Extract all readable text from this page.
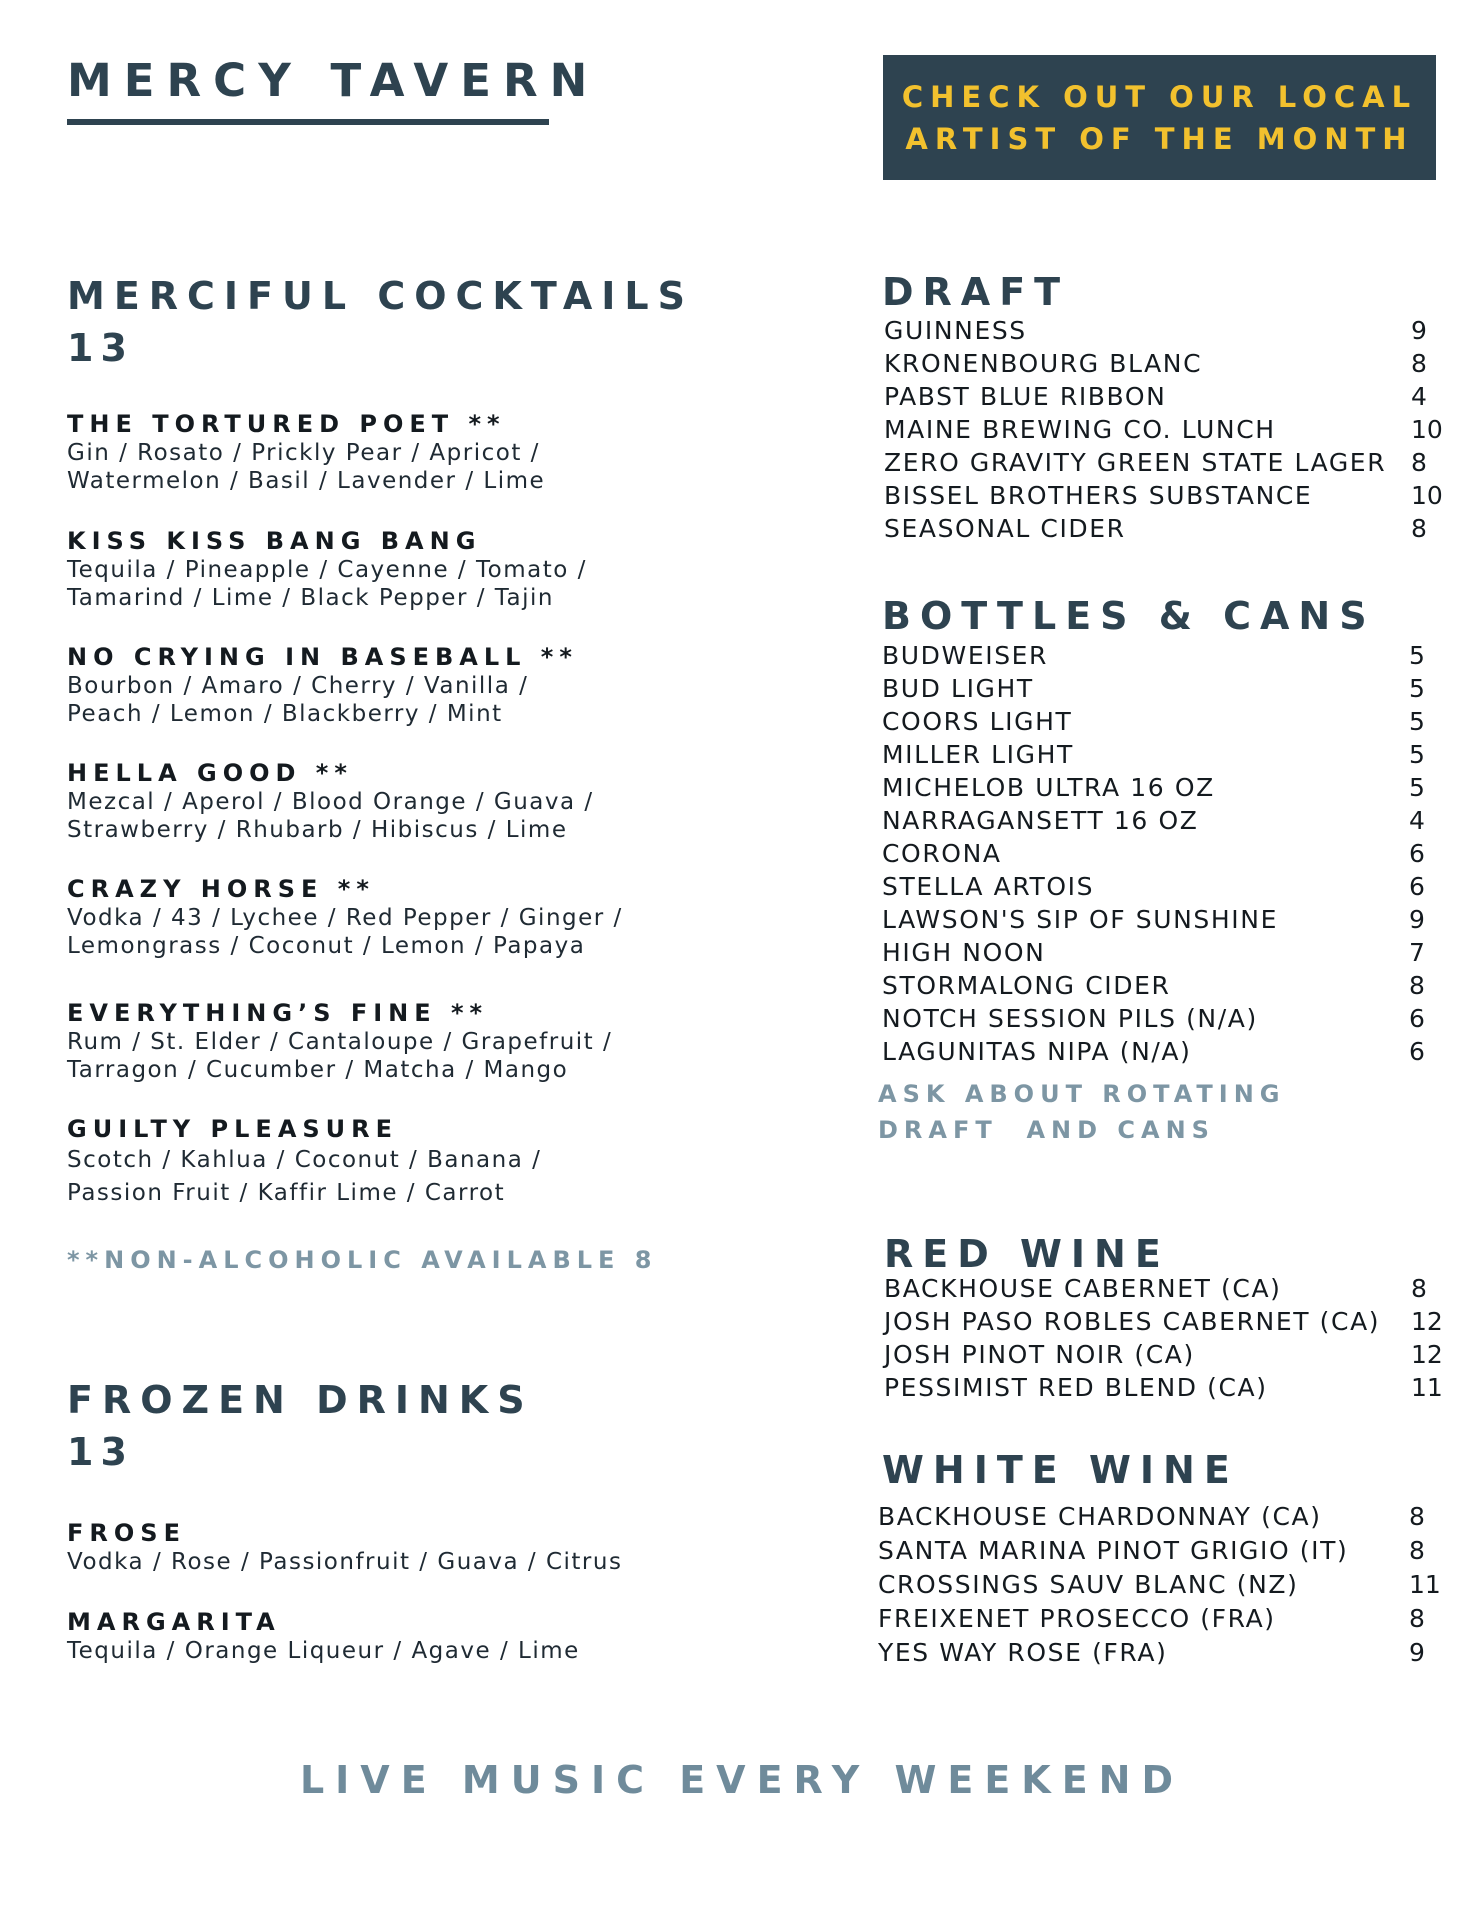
MERCY TAVERN	CHECK OUT OUR LOCAL
ARTIST OF THE MONTH
MERCIFUL COCKTAILS
13
THE TORTURED POET **
Gin / Rosato / Prickly Pear / Apricot /
Watermelon / Basil / Lavender / Lime
KISS KISS BANG BANG
Tequila / Pineapple / Cayenne / Tomato /
Tamarind / Lime / Black Pepper / Tajin
NO CRYING IN BASEBALL **
Bourbon / Amaro / Cherry / Vanilla /
Peach / Lemon / Blackberry / Mint
HELLA GOOD **
Mezcal / Aperol / Blood Orange / Guava /
Strawberry / Rhubarb / Hibiscus / Lime
CRAZY HORSE **
Vodka / 43 / Lychee / Red Pepper / Ginger /
Lemongrass / Coconut / Lemon / Papaya
EVERYTHING’S FINE **
Rum / St. Elder / Cantaloupe / Grapefruit /
Tarragon / Cucumber / Matcha / Mango
GUILTY PLEASURE
Scotch / Kahlua / Coconut / Banana /
Passion Fruit / Kaffir Lime / Carrot
**NON-ALCOHOLIC AVAILABLE 8
FROZEN DRINKS
13
FROSE
Vodka / Rose / Passionfruit / Guava / Citrus
MARGARITA
Tequila / Orange Liqueur / Agave / Lime
DRAFT
GUINNESS	9
KRONENBOURG BLANC	8
PABST BLUE RIBBON	4
MAINE BREWING CO. LUNCH	10
ZERO GRAVITY GREEN STATE LAGER 8
BISSEL BROTHERS SUBSTANCE	10
SEASONAL CIDER	8
BOTTLES & CANS
BUDWEISER	5
BUD LIGHT	5
COORS LIGHT	5
MILLER LIGHT	5
MICHELOB ULTRA 16 OZ	5
NARRAGANSETT 16 OZ	4
CORONA	6
STELLA ARTOIS	6
LAWSON'S SIP OF SUNSHINE	9
HIGH NOON	7
STORMALONG CIDER	8
NOTCH SESSION PILS (N/A)	6
LAGUNITAS NIPA (N/A)	6
ASK ABOUT ROTATING
DRAFT  AND CANS
RED WINE
BACKHOUSE CABERNET (CA)	8
JOSH PASO ROBLES CABERNET (CA) 12
JOSH PINOT NOIR (CA)	12
PESSIMIST RED BLEND (CA)	11
WHITE WINE
BACKHOUSE CHARDONNAY (CA)	8
SANTA MARINA PINOT GRIGIO (IT) 8
CROSSINGS SAUV BLANC (NZ)	11
FREIXENET PROSECCO (FRA)	8
YES WAY ROSE (FRA)	9
LIVE MUSIC EVERY WEEKEND
